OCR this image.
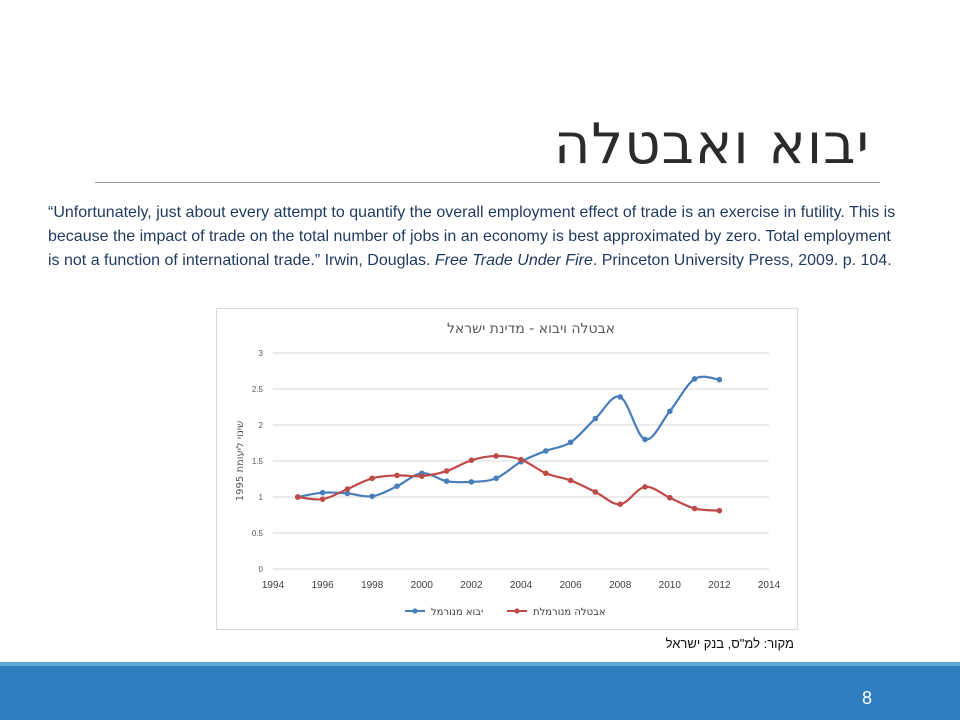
יבוא ואבטלה
“Unfortunately, just about every attempt to quantify the overall employment effect of trade is an exercise in futility. This is because the impact of trade on the total number of jobs in an economy is best approximated by zero. Total employment is not a function of international trade.” Irwin, Douglas. Free Trade Under Fire. Princeton University Press, 2009. p. 104.
אבטלה ויבוא - מדינת ישראל
0
0.5
1
1.5
2
2.5
3
1994	1996	1998	2000	2002	2004	2006	2008	2010	2012	2014
שינוי ליעומת 1995
יבוא מנורמל	אבטלה מנורמלת
מקור: למ"ס, בנק ישראל
8
